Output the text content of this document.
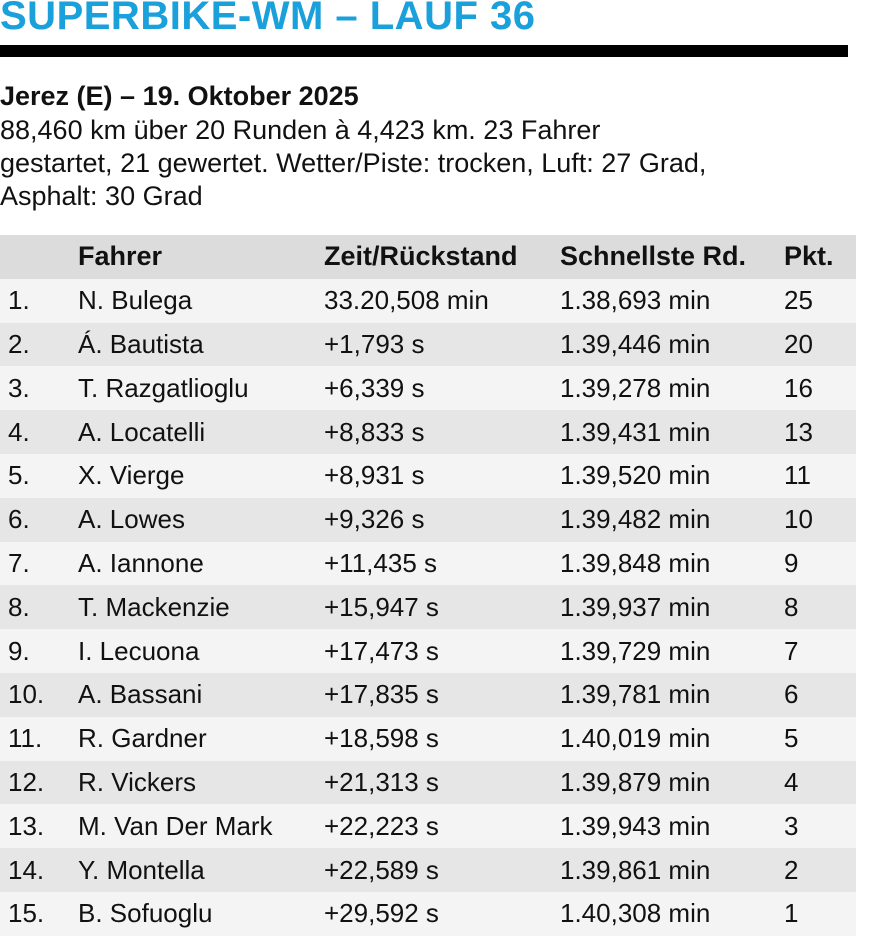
SUPERBIKE-WM – LAUF 36
Jerez (E) – 19. Oktober 2025
88,460 km über 20 Runden à 4,423 km. 23 Fahrer
gestartet, 21 gewertet. Wetter/Piste: trocken, Luft: 27 Grad,
Asphalt: 30 Grad
	Fahrer	Zeit/Rückstand	Schnellste Rd.	Pkt.
1.	N. Bulega	33.20,508 min	1.38,693 min	25
2.	Á. Bautista	+1,793 s	1.39,446 min	20
3.	T. Razgatlioglu	+6,339 s	1.39,278 min	16
4.	A. Locatelli	+8,833 s	1.39,431 min	13
5.	X. Vierge	+8,931 s	1.39,520 min	11
6.	A. Lowes	+9,326 s	1.39,482 min	10
7.	A. Iannone	+11,435 s	1.39,848 min	9
8.	T. Mackenzie	+15,947 s	1.39,937 min	8
9.	I. Lecuona	+17,473 s	1.39,729 min	7
10.	A. Bassani	+17,835 s	1.39,781 min	6
11.	R. Gardner	+18,598 s	1.40,019 min	5
12.	R. Vickers	+21,313 s	1.39,879 min	4
13.	M. Van Der Mark	+22,223 s	1.39,943 min	3
14.	Y. Montella	+22,589 s	1.39,861 min	2
15.	B. Sofuoglu	+29,592 s	1.40,308 min	1
